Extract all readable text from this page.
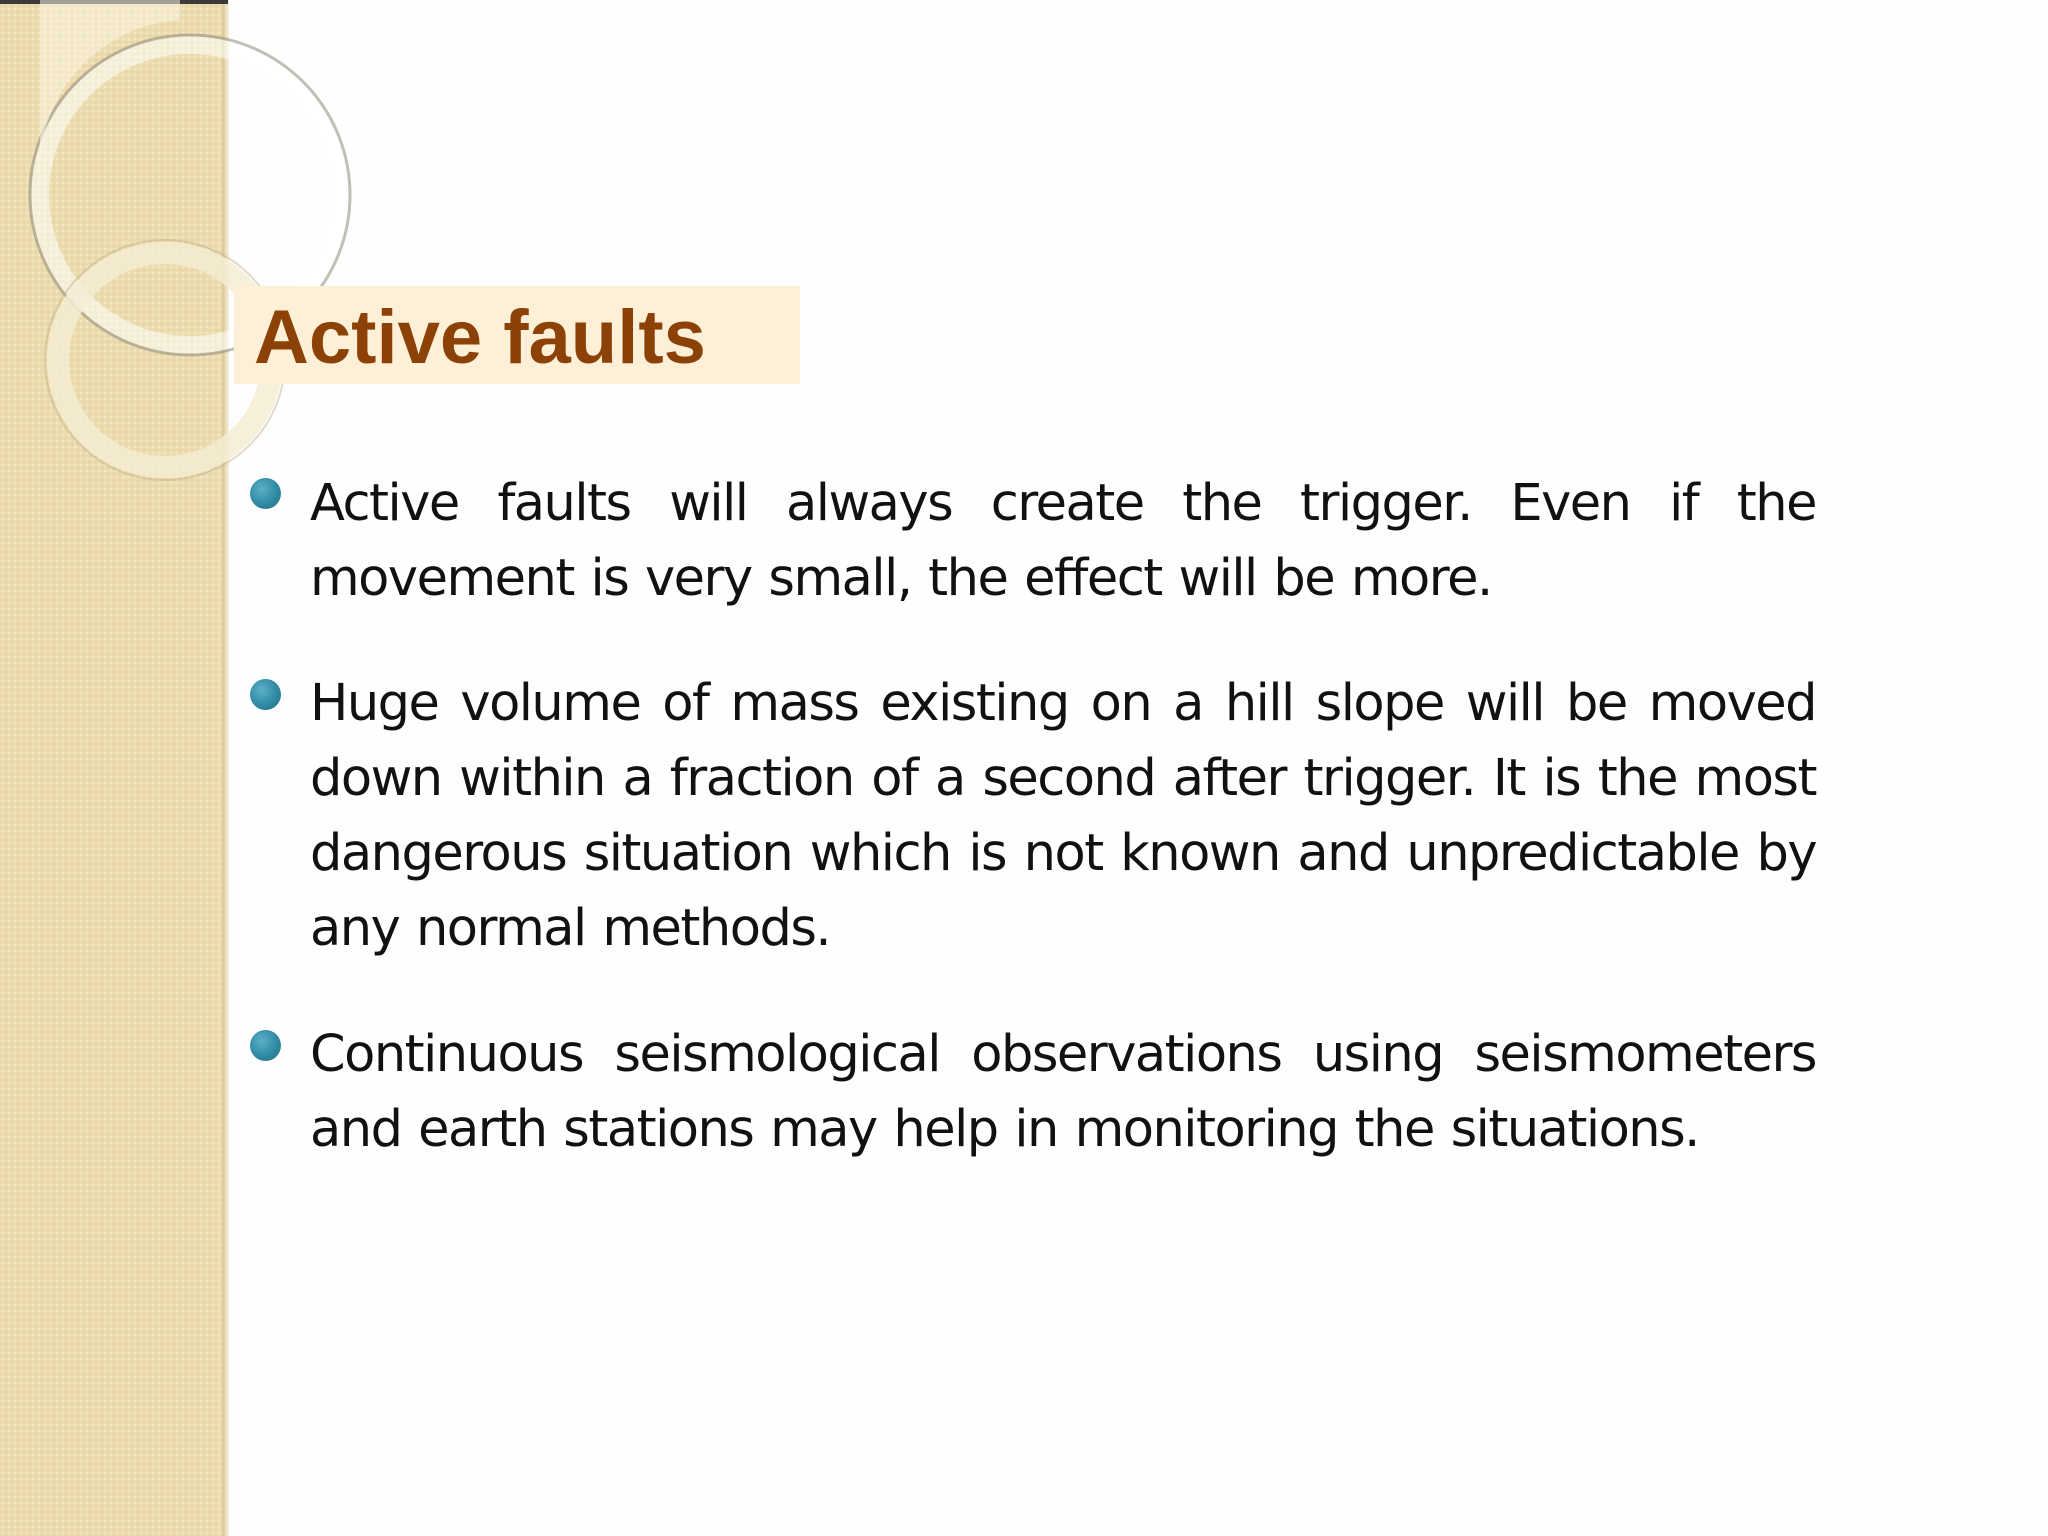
Active faults
Active faults will always create the trigger. Even if the movement is very small, the effect will be more.
Huge volume of mass existing on a hill slope will be moved down within a fraction of a second after trigger. It is the most dangerous situation which is not known and unpredictable by any normal methods.
Continuous seismological observations using seismometers and earth stations may help in monitoring the situations.
